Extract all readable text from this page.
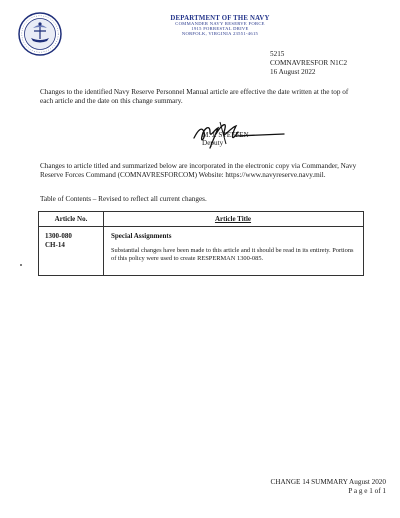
DEPARTMENT OF THE NAVY
COMMANDER NAVY RESERVE FORCE
1915 FORRESTAL DRIVE
NORFOLK, VIRGINIA 23551-4615
5215
COMNAVRESFOR N1C2
16 August 2022
Changes to the identified Navy Reserve Personnel Manual article are effective the date written at the top of each article and the date on this change summary.
M. J. STEFFEN
Deputy
Changes to article titled and summarized below are incorporated in the electronic copy via Commander, Navy Reserve Forces Command (COMNAVRESFORCOM) Website: https://www.navyreserve.navy.mil.
Table of Contents – Revised to reflect all current changes.
Article No.	Article Title
1300-080
CH-14
Special Assignments
Substantial changes have been made to this article and it should be read in its entirety. Portions of this policy were used to create RESPERMAN 1300-085.
CHANGE 14 SUMMARY August 2020
P a g e 1 of 1
